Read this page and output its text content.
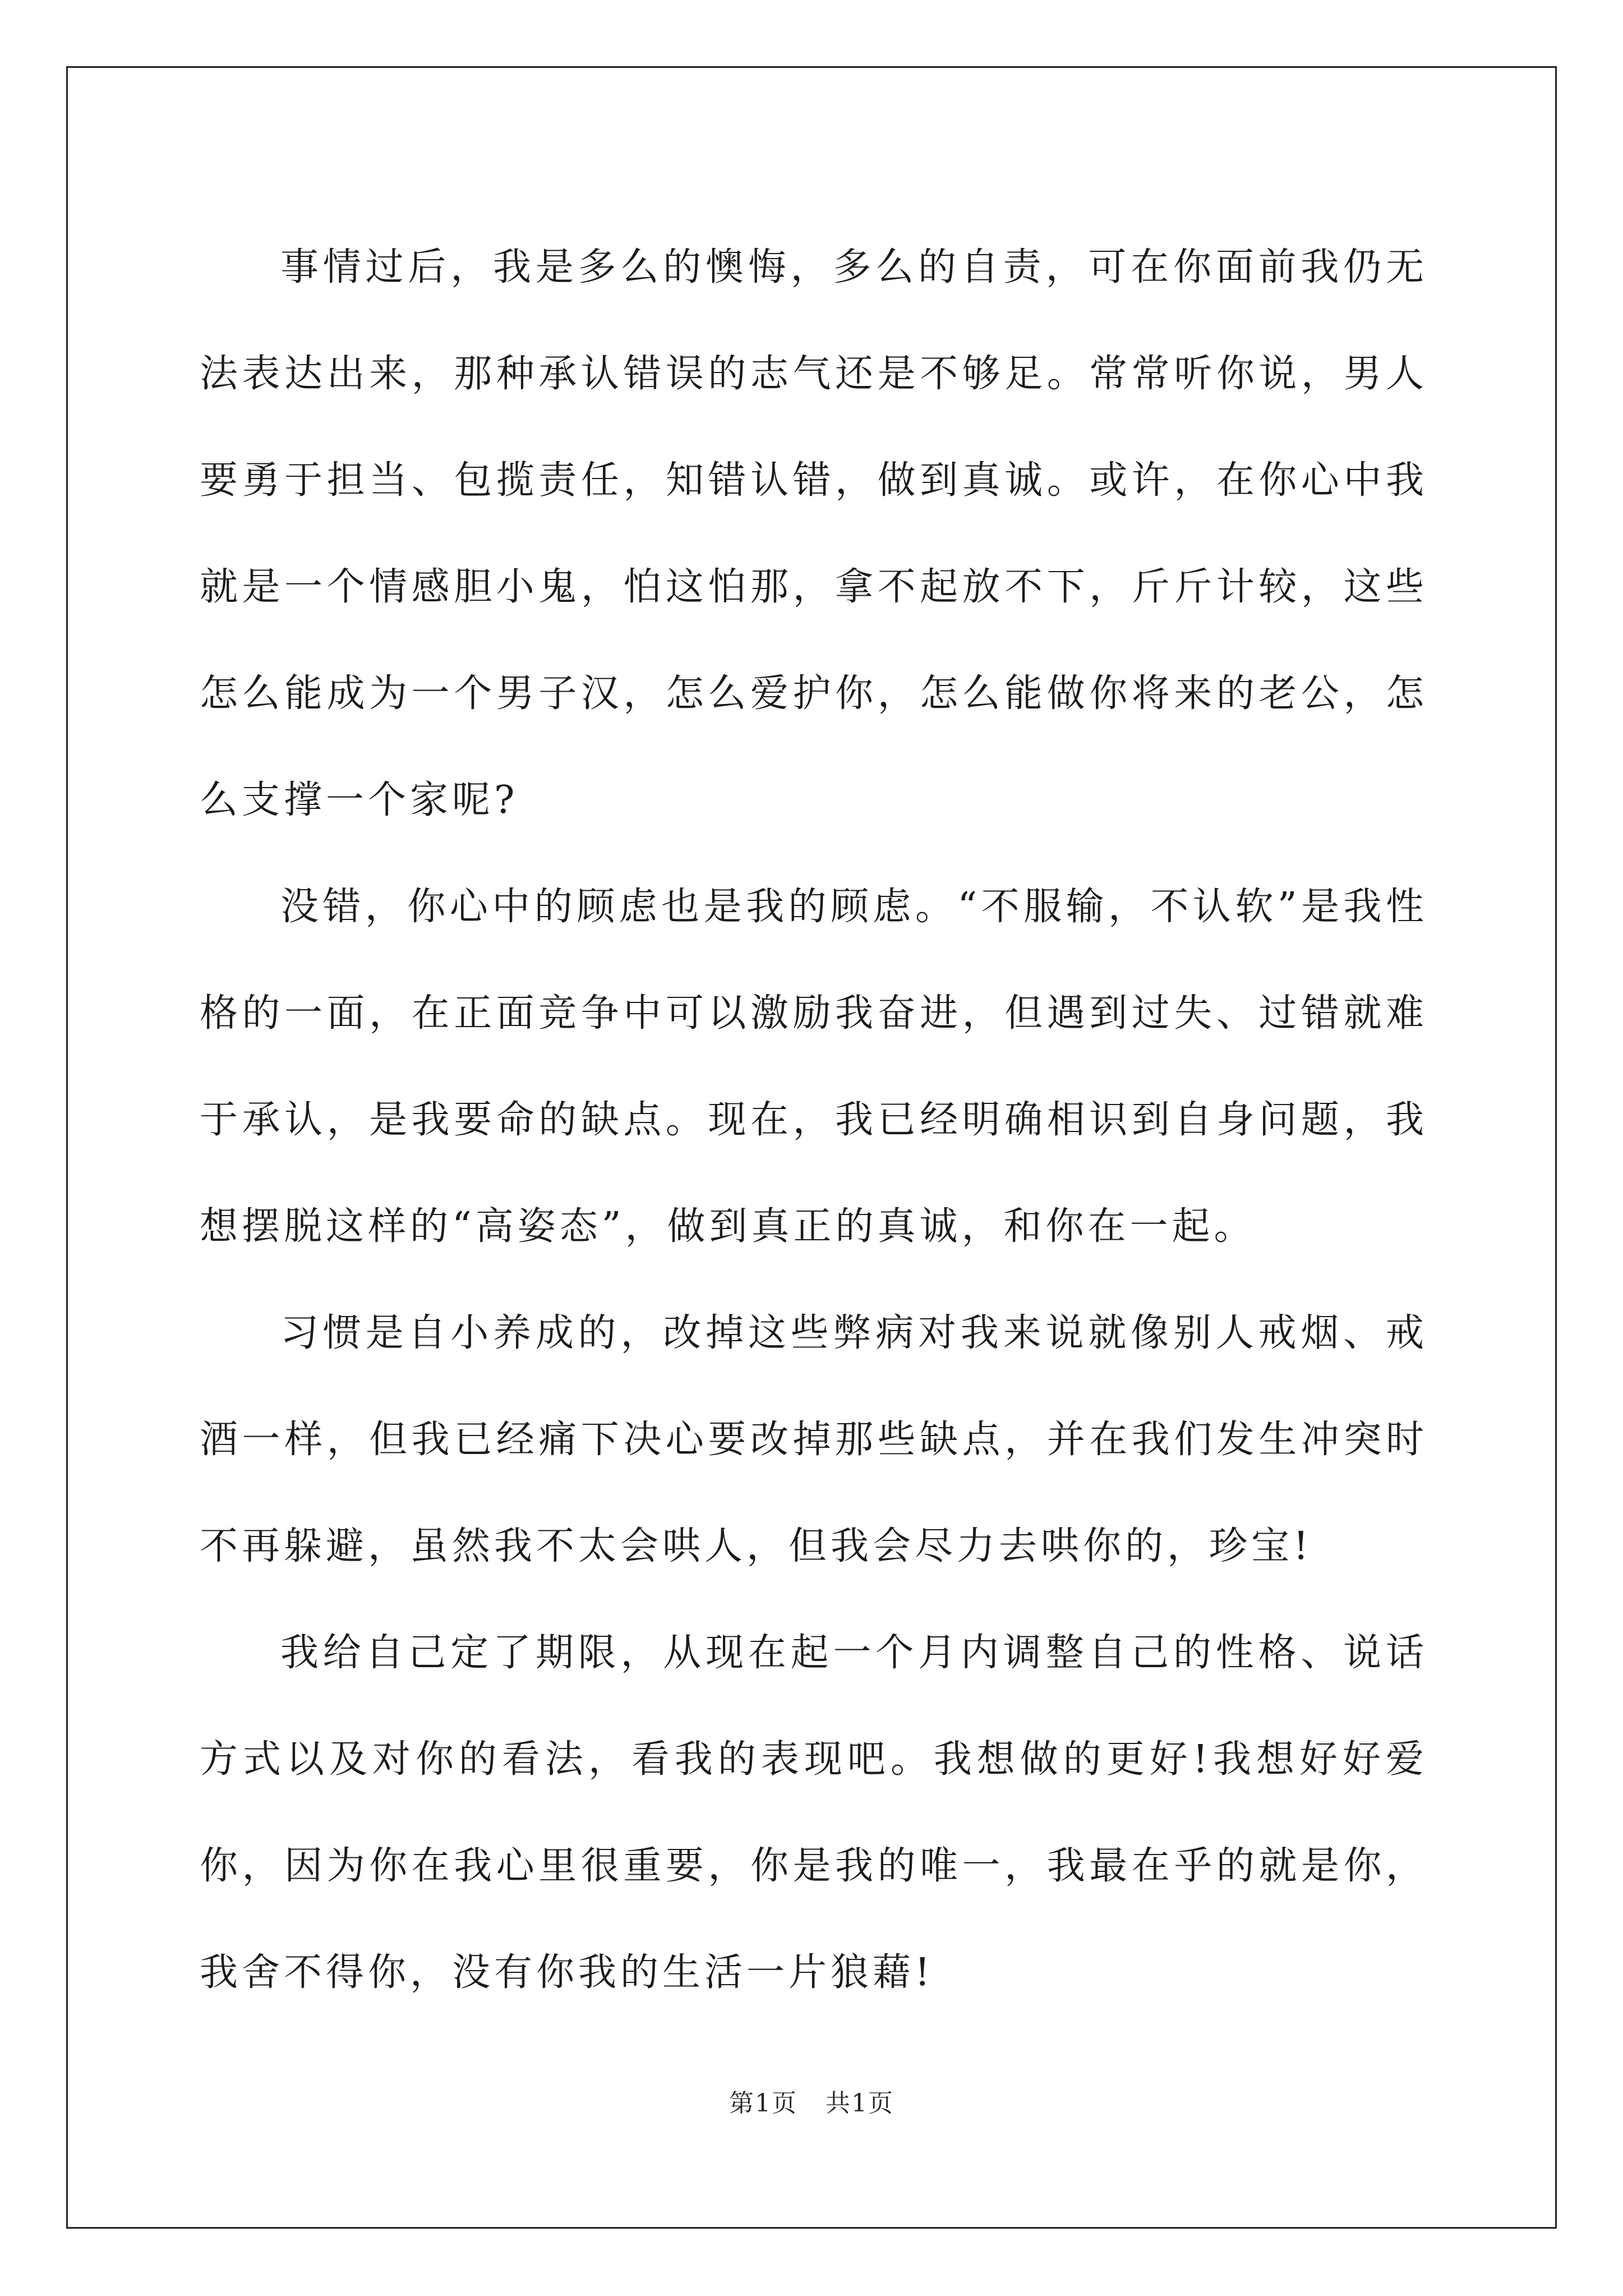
事情过后，我是多么的懊悔，多么的自责，可在你面前我仍无法表达出来，那种承认错误的志气还是不够足。常常听你说，男人要勇于担当、包揽责任，知错认错，做到真诚。或许，在你心中我就是一个情感胆小鬼，怕这怕那，拿不起放不下，斤斤计较，这些怎么能成为一个男子汉，怎么爱护你，怎么能做你将来的老公，怎么支撑一个家呢?

没错，你心中的顾虑也是我的顾虑。“不服输，不认软”是我性格的一面，在正面竞争中可以激励我奋进，但遇到过失、过错就难于承认，是我要命的缺点。现在，我已经明确相识到自身问题，我想摆脱这样的“高姿态”，做到真正的真诚，和你在一起。

习惯是自小养成的，改掉这些弊病对我来说就像别人戒烟、戒酒一样，但我已经痛下决心要改掉那些缺点，并在我们发生冲突时不再躲避，虽然我不太会哄人，但我会尽力去哄你的，珍宝!

我给自己定了期限，从现在起一个月内调整自己的性格、说话方式以及对你的看法，看我的表现吧。我想做的更好!我想好好爱你，因为你在我心里很重要，你是我的唯一，我最在乎的就是你，我舍不得你，没有你我的生活一片狼藉!

第1页 共1页
